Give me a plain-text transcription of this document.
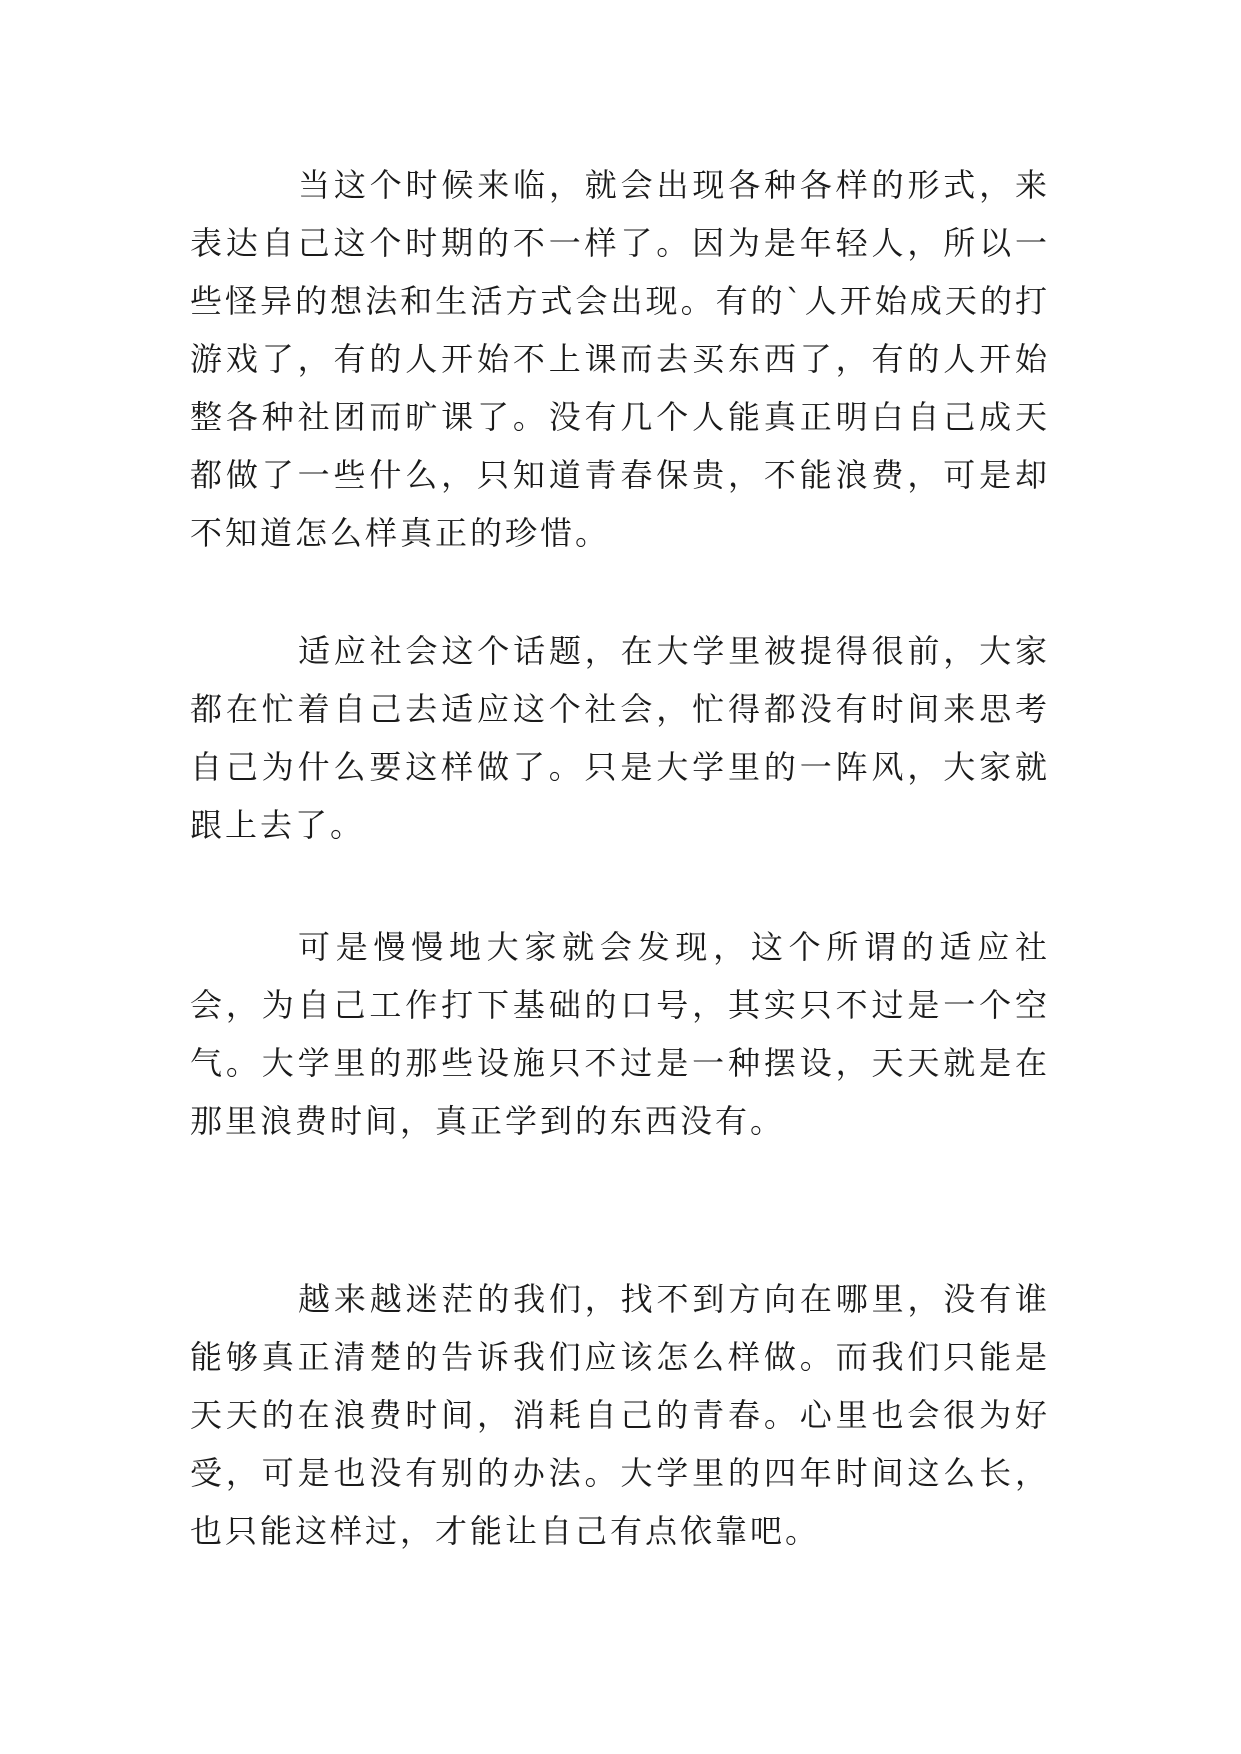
当这个时候来临，就会出现各种各样的形式，来表达自己这个时期的不一样了。因为是年轻人，所以一些怪异的想法和生活方式会出现。有的`人开始成天的打游戏了，有的人开始不上课而去买东西了，有的人开始整各种社团而旷课了。没有几个人能真正明白自己成天都做了一些什么，只知道青春保贵，不能浪费，可是却不知道怎么样真正的珍惜。

适应社会这个话题，在大学里被提得很前，大家都在忙着自己去适应这个社会，忙得都没有时间来思考自己为什么要这样做了。只是大学里的一阵风，大家就跟上去了。

可是慢慢地大家就会发现，这个所谓的适应社会，为自己工作打下基础的口号，其实只不过是一个空气。大学里的那些设施只不过是一种摆设，天天就是在那里浪费时间，真正学到的东西没有。

越来越迷茫的我们，找不到方向在哪里，没有谁能够真正清楚的告诉我们应该怎么样做。而我们只能是天天的在浪费时间，消耗自己的青春。心里也会很为好受，可是也没有别的办法。大学里的四年时间这么长，也只能这样过，才能让自己有点依靠吧。
